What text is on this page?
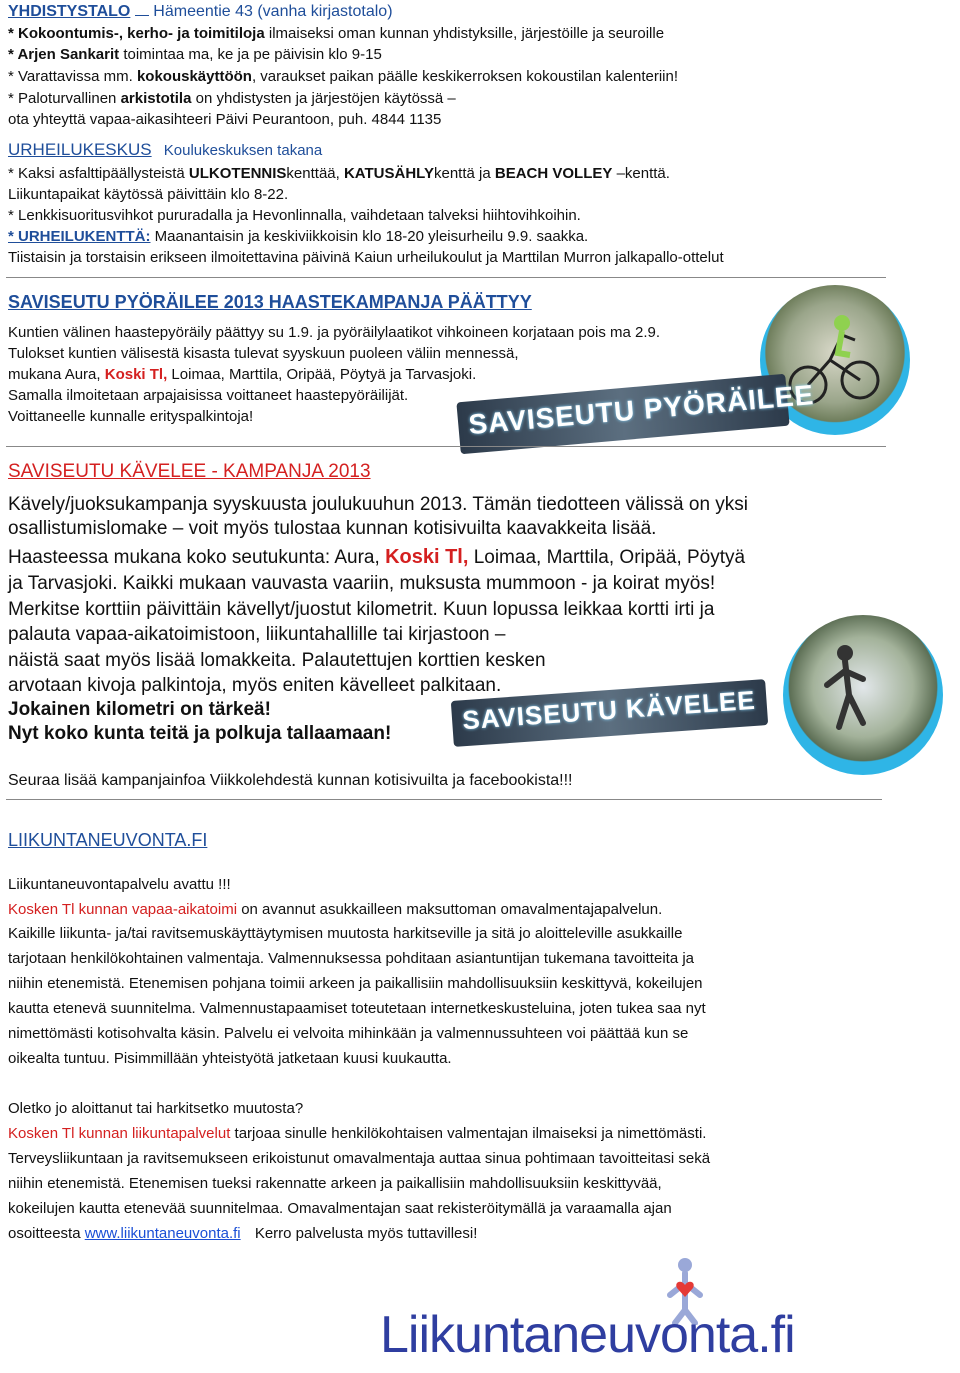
YHDISTYSTALO Hämeentie 43 (vanha kirjastotalo)
* Kokoontumis-, kerho- ja toimitiloja ilmaiseksi oman kunnan yhdistyksille, järjestöille ja seuroille
* Arjen Sankarit toimintaa ma, ke ja pe päivisin klo 9-15
* Varattavissa mm. kokouskäyttöön, varaukset paikan päälle keskikerroksen kokoustilan kalenteriin!
* Paloturvallinen arkistotila on yhdistysten ja järjestöjen käytössä –
ota yhteyttä vapaa-aikasihteeri Päivi Peurantoon, puh. 4844 1135
URHEILUKESKUS Koulukeskuksen takana
* Kaksi asfalttipäällysteistä ULKOTENNISkenttää, KATUSÄHLYkenttä ja BEACH VOLLEY –kenttä.
Liikuntapaikat käytössä päivittäin klo 8-22.
* Lenkkisuoritusvihkot pururadalla ja Hevonlinnalla, vaihdetaan talveksi hiihtovihkoihin.
* URHEILUKENTTÄ: Maanantaisin ja keskiviikkoisin klo 18-20 yleisurheilu 9.9. saakka.
Tiistaisin ja torstaisin erikseen ilmoitettavina päivinä Kaiun urheilukoulut ja Marttilan Murron jalkapallo-ottelut
SAVISEUTU PYÖRÄILEE 2013 HAASTEKAMPANJA PÄÄTTYY
SAVISEUTU PYÖRÄILEE
Kuntien välinen haastepyöräily päättyy su 1.9. ja pyöräilylaatikot vihkoineen korjataan pois ma 2.9.
Tulokset kuntien välisestä kisasta tulevat syyskuun puoleen väliin mennessä,
mukana Aura, Koski Tl, Loimaa, Marttila, Oripää, Pöytyä ja Tarvasjoki.
Samalla ilmoitetaan arpajaisissa voittaneet haastepyöräilijät.
Voittaneelle kunnalle erityspalkintoja!
SAVISEUTU KÄVELEE - KAMPANJA 2013
SAVISEUTU KÄVELEE
Kävely/juoksukampanja syyskuusta joulukuuhun 2013. Tämän tiedotteen välissä on yksi
osallistumislomake – voit myös tulostaa kunnan kotisivuilta kaavakkeita lisää.
Haasteessa mukana koko seutukunta: Aura, Koski Tl, Loimaa, Marttila, Oripää, Pöytyä
ja Tarvasjoki. Kaikki mukaan vauvasta vaariin, muksusta mummoon - ja koirat myös!
Merkitse korttiin päivittäin kävellyt/juostut kilometrit. Kuun lopussa leikkaa kortti irti ja
palauta vapaa-aikatoimistoon, liikuntahallille tai kirjastoon –
näistä saat myös lisää lomakkeita. Palautettujen korttien kesken
arvotaan kivoja palkintoja, myös eniten kävelleet palkitaan.
Jokainen kilometri on tärkeä!
Nyt koko kunta teitä ja polkuja tallaamaan!
Seuraa lisää kampanjainfoa Viikkolehdestä kunnan kotisivuilta ja facebookista!!!
LIIKUNTANEUVONTA.FI
Liikuntaneuvontapalvelu avattu !!!
Kosken Tl kunnan vapaa-aikatoimi on avannut asukkailleen maksuttoman omavalmentajapalvelun.
Kaikille liikunta- ja/tai ravitsemuskäyttäytymisen muutosta harkitseville ja sitä jo aloitteleville asukkaille
tarjotaan henkilökohtainen valmentaja. Valmennuksessa pohditaan asiantuntijan tukemana tavoitteita ja
niihin etenemistä. Etenemisen pohjana toimii arkeen ja paikallisiin mahdollisuuksiin keskittyvä, kokeilujen
kautta etenevä suunnitelma. Valmennustapaamiset toteutetaan internetkeskusteluina, joten tukea saa nyt
nimettömästi kotisohvalta käsin. Palvelu ei velvoita mihinkään ja valmennussuhteen voi päättää kun se
oikealta tuntuu. Pisimmillään yhteistyötä jatketaan kuusi kuukautta.
Oletko jo aloittanut tai harkitsetko muutosta?
Kosken Tl kunnan liikuntapalvelut tarjoaa sinulle henkilökohtaisen valmentajan ilmaiseksi ja nimettömästi.
Terveysliikuntaan ja ravitsemukseen erikoistunut omavalmentaja auttaa sinua pohtimaan tavoitteitasi sekä
niihin etenemistä. Etenemisen tueksi rakennatte arkeen ja paikallisiin mahdollisuuksiin keskittyvää,
kokeilujen kautta etenevää suunnitelmaa. Omavalmentajan saat rekisteröitymällä ja varaamalla ajan
osoitteesta www.liikuntaneuvonta.fi Kerro palvelusta myös tuttavillesi!
Liikuntaneuvonta.fi
